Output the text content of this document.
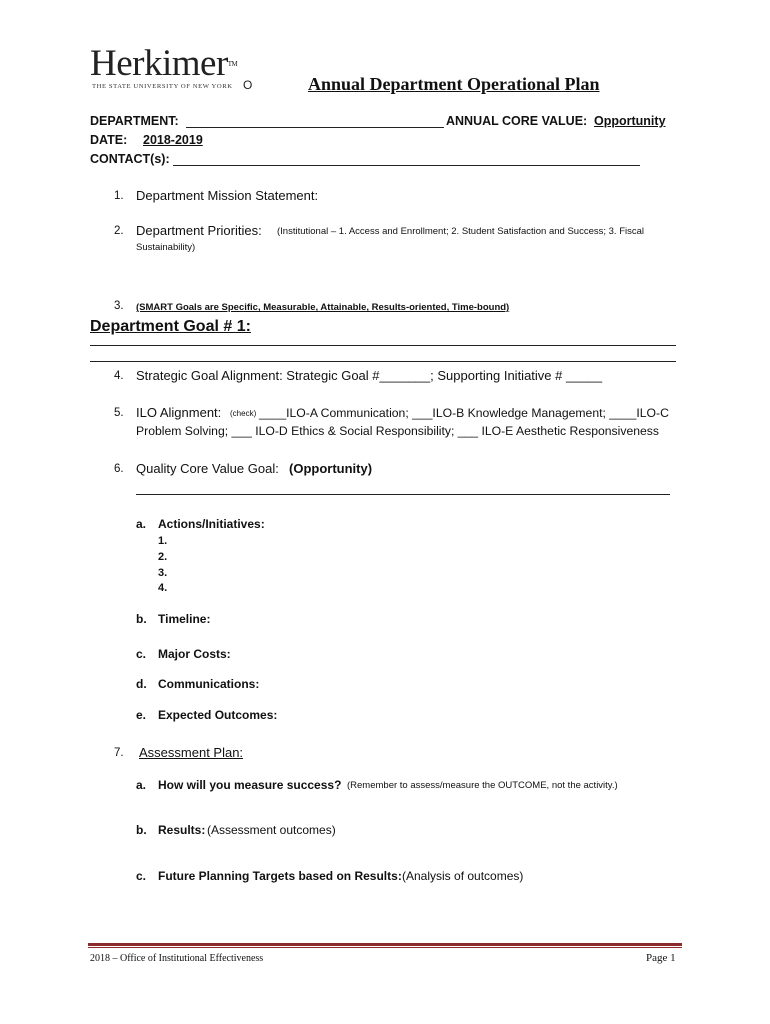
Herkimer™
THE STATE UNIVERSITY OF NEW YORK O	Annual Department Operational Plan
DEPARTMENT:	ANNUAL CORE VALUE: Opportunity
DATE: 2018-2019
CONTACT(s):
1. Department Mission Statement:
2. Department Priorities: (Institutional – 1. Access and Enrollment; 2. Student Satisfaction and Success; 3. Fiscal
Sustainability)
3. (SMART Goals are Specific, Measurable, Attainable, Results-oriented, Time-bound)
Department Goal # 1:
4. Strategic Goal Alignment: Strategic Goal #_______; Supporting Initiative # _____
5. ILO Alignment: (check) ____ILO-A Communication; ___ILO-B Knowledge Management; ____ILO-C
Problem Solving; ___ ILO-D Ethics & Social Responsibility; ___ ILO-E Aesthetic Responsiveness
6. Quality Core Value Goal: (Opportunity)
a. Actions/Initiatives:
1.
2.
3.
4.
b. Timeline:
c. Major Costs:
d. Communications:
e. Expected Outcomes:
7. Assessment Plan:
a. How will you measure success? (Remember to assess/measure the OUTCOME, not the activity.)
b. Results: (Assessment outcomes)
c. Future Planning Targets based on Results: (Analysis of outcomes)
2018 – Office of Institutional Effectiveness	Page 1
